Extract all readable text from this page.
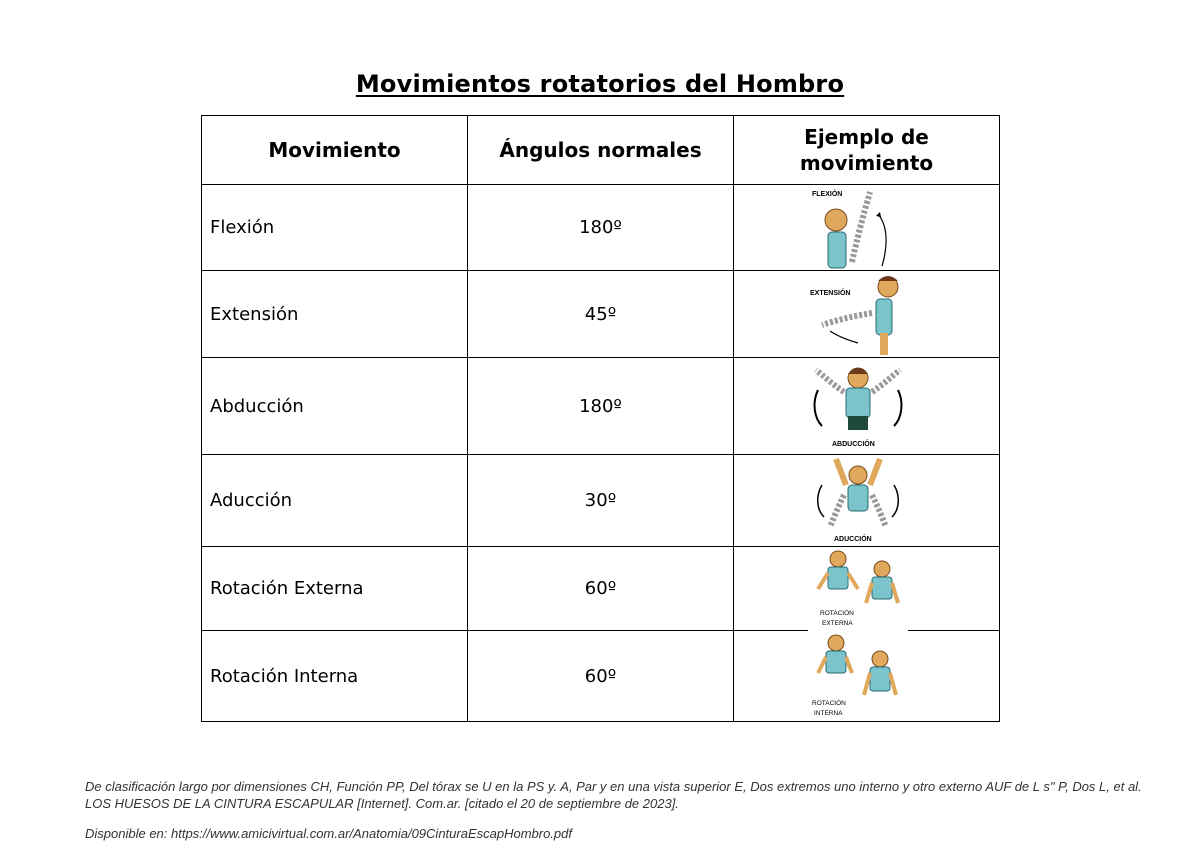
Movimientos rotatorios del Hombro
Movimiento	Ángulos normales	Ejemplo de movimiento
Flexión	180º	FLEXIÓN

Extensión	45º	EXTENSIÓN

Abducción	180º	ABDUCCIÓN

Aducción	30º	ADUCCIÓN

Rotación Externa	60º	ROTACIÓN
EXTERNA

Rotación Interna	60º	ROTACIÓN
INTERNA
De clasificación largo por dimensiones CH, Función PP, Del tórax se U en la PS y. A, Par y en una vista superior E, Dos extremos uno interno y otro externo AUF de L s" P, Dos L, et al. LOS HUESOS DE LA CINTURA ESCAPULAR [Internet]. Com.ar. [citado el 20 de septiembre de 2023].
Disponible en: https://www.amicivirtual.com.ar/Anatomia/09CinturaEscapHombro.pdf
